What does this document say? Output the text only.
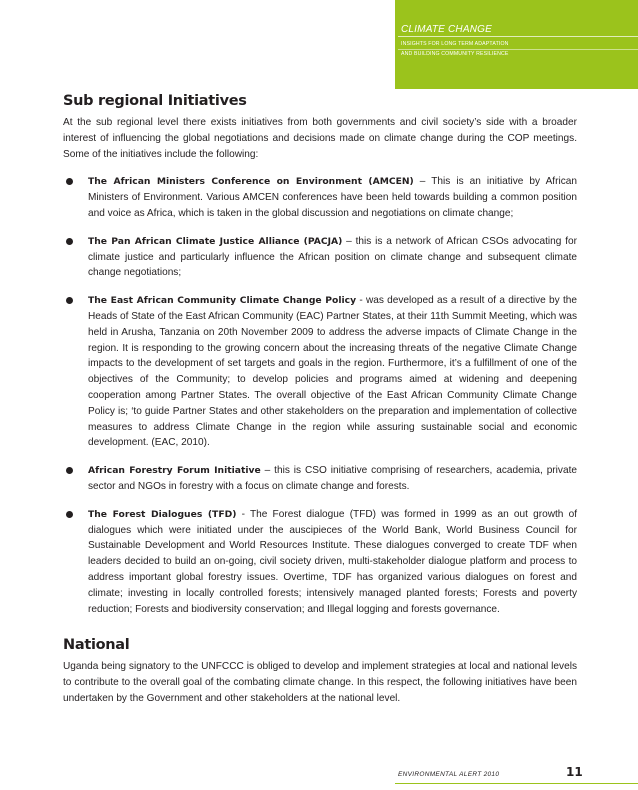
CLIMATE CHANGE
INSIGHTS FOR LONG TERM ADAPTATION
AND BUILDING COMMUNITY RESILIENCE
Sub regional Initiatives

At the sub regional level there exists initiatives from both governments and civil society’s side with a broader interest of influencing the global negotiations and decisions made on climate change during the COP meetings. Some of the initiatives include the following:

The African Ministers Conference on Environment (AMCEN) – This is an initiative by African Ministers of Environment. Various AMCEN conferences have been held towards building a common position and voice as Africa, which is taken in the global discussion and negotiations on climate change;
The Pan African Climate Justice Alliance (PACJA) – this is a network of African CSOs advocating for climate justice and particularly influence the African position on climate change and subsequent climate change negotiations;
The East African Community Climate Change Policy - was developed as a result of a directive by the Heads of State of the East African Community (EAC) Partner States, at their 11th Summit Meeting, which was held in Arusha, Tanzania on 20th November 2009 to address the adverse impacts of Climate Change in the region. It is responding to the growing concern about the increasing threats of the negative Climate Change impacts to the development of set targets and goals in the region. Furthermore, it’s a fulfillment of one of the objectives of the Community; to develop policies and programs aimed at widening and deepening cooperation among Partner States. The overall objective of the East African Community Climate Change Policy is; ‘to guide Partner States and other stakeholders on the preparation and implementation of collective measures to address Climate Change in the region while assuring sustainable social and economic development. (EAC, 2010).
African Forestry Forum Initiative – this is CSO initiative comprising of researchers, academia, private sector and NGOs in forestry with a focus on climate change and forests.
The Forest Dialogues (TFD) - The Forest dialogue (TFD) was formed in 1999 as an out growth of dialogues which were initiated under the auscipieces of the World Bank, World Business Council for Sustainable Development and World Resources Institute. These dialogues converged to create TDF when leaders decided to build an on-going, civil society driven, multi-stakeholder dialogue platform and process to address important global forestry issues. Overtime, TDF has organized various dialogues on forest and climate; investing in locally controlled forests; intensively managed planted forests; Forests and poverty reduction; Forests and biodiversity conservation; and Illegal logging and forests governance.
National

Uganda being signatory to the UNFCCC is obliged to develop and implement strategies at local and national levels to contribute to the overall goal of the combating climate change. In this respect, the following initiatives have been undertaken by the Government and other stakeholders at the national level.

ENVIRONMENTAL ALERT 2010	11
